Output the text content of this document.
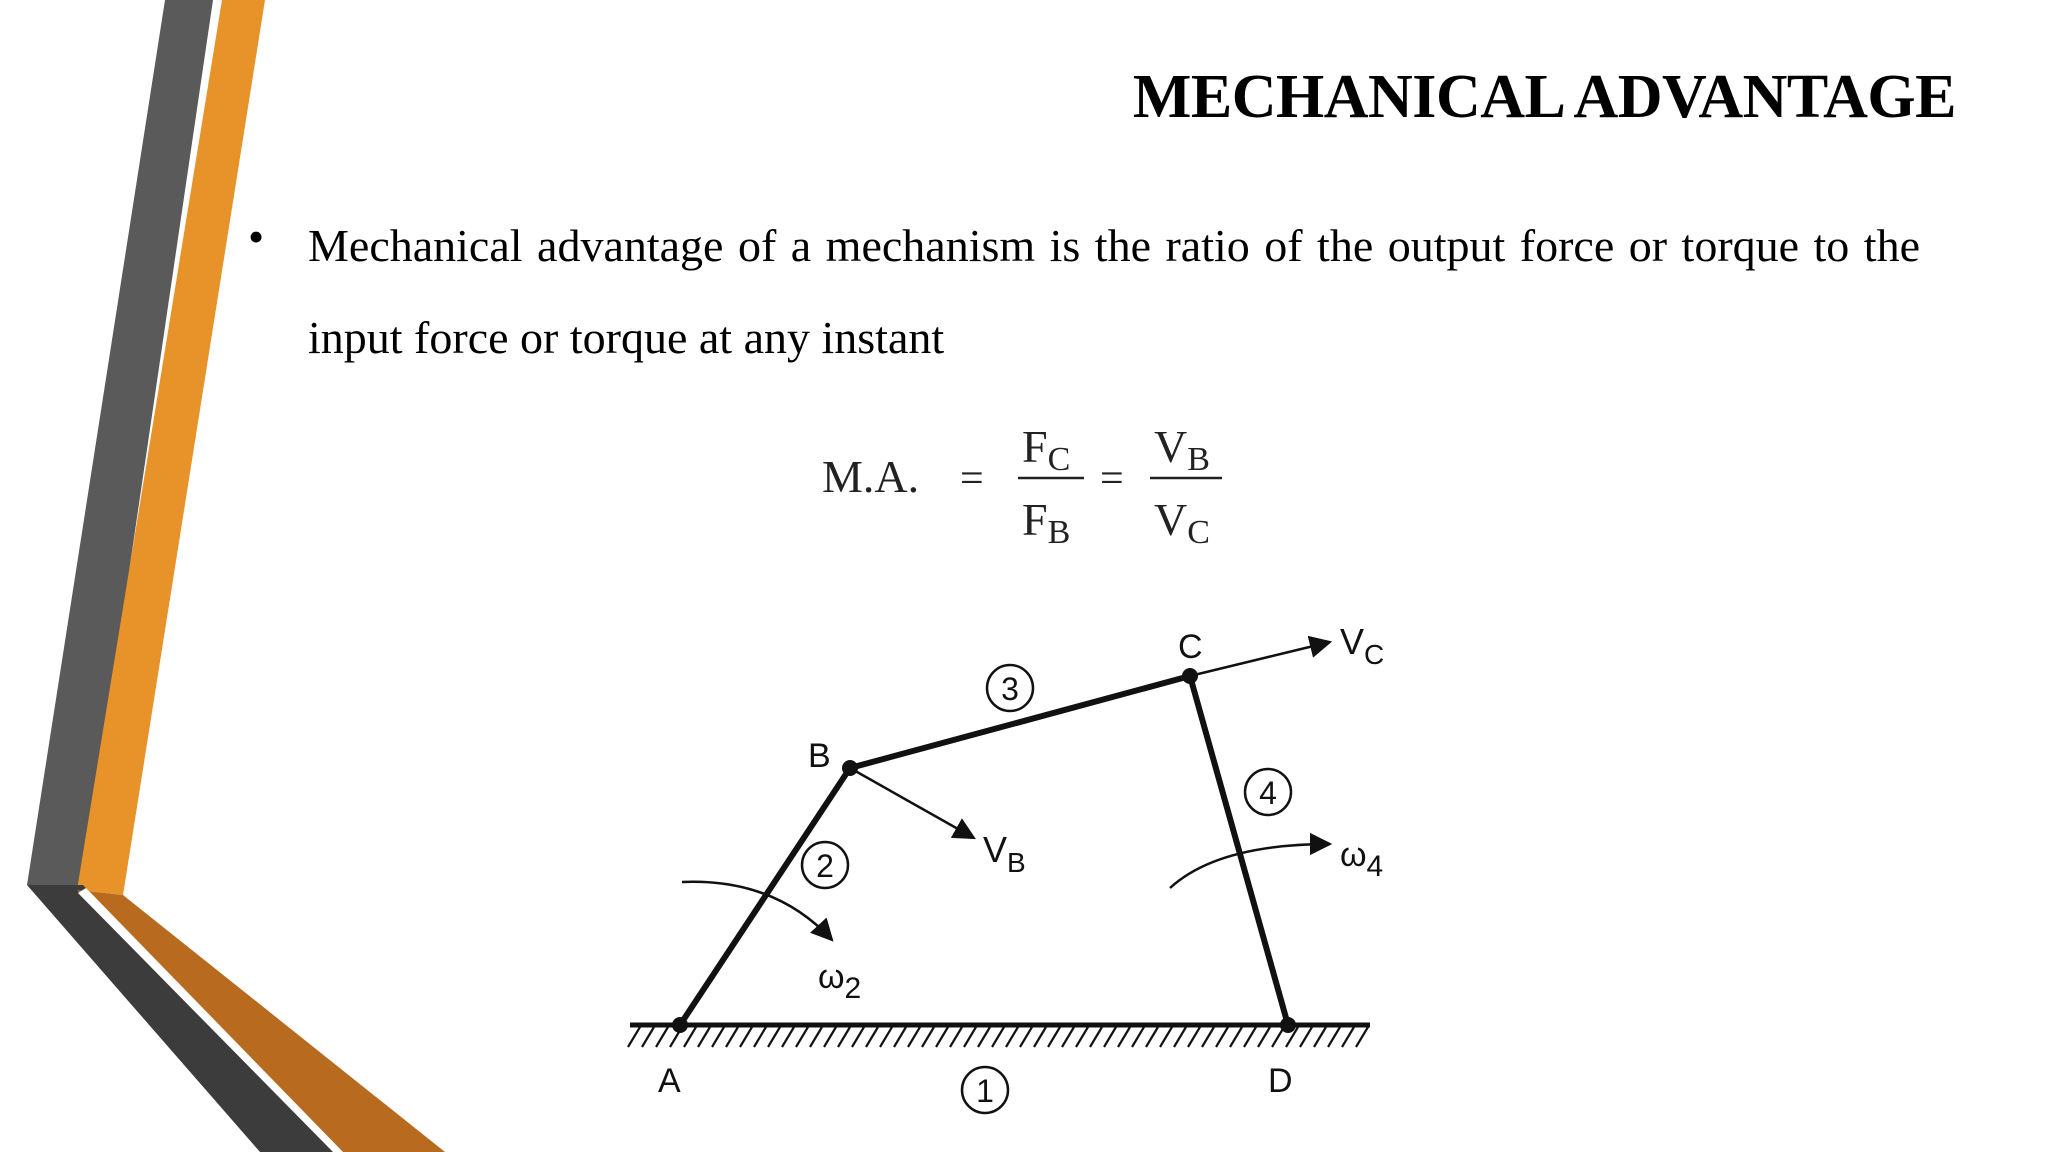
MECHANICAL ADVANTAGE
• Mechanical advantage of a mechanism is the ratio of the output force or torque to the input force or torque at any instant
M.A. =
FC
FB
=
VB
VC
A
B
C
D
1
2
3
4
$V_B$
$V_C$
ω2
ω4
